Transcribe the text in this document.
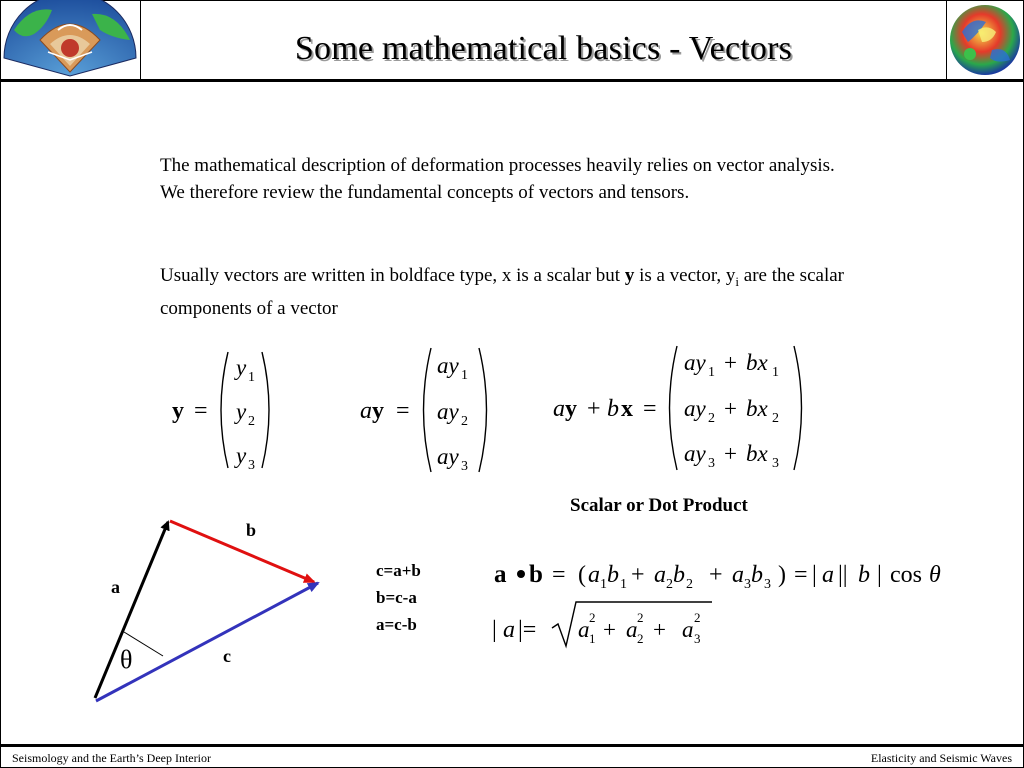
Some mathematical basics - Vectors
The mathematical description of deformation processes heavily relies on vector analysis. We therefore review the fundamental concepts of vectors and tensors.
Usually vectors are written in boldface type, x is a scalar but y is a vector, $y_i$ are the scalar components of a vector
y =
y 1
y 2
y 3
a y =
ay 1
ay 2
ay 3
a y + b x =
ay 1 + bx 1
ay 2 + bx 2
ay 3 + bx 3
a b = ( a 1 b 1 + a 2 b 2 + a 3 b 3 ) = | a || b | cos θ
| a |= a 1
2 + a 2
2 + a 3
2
b
a
c
θ
Scalar or Dot Product
c=a+b
b=c-a
a=c-b
Seismology and the Earth’s Deep Interior	Elasticity and Seismic Waves
